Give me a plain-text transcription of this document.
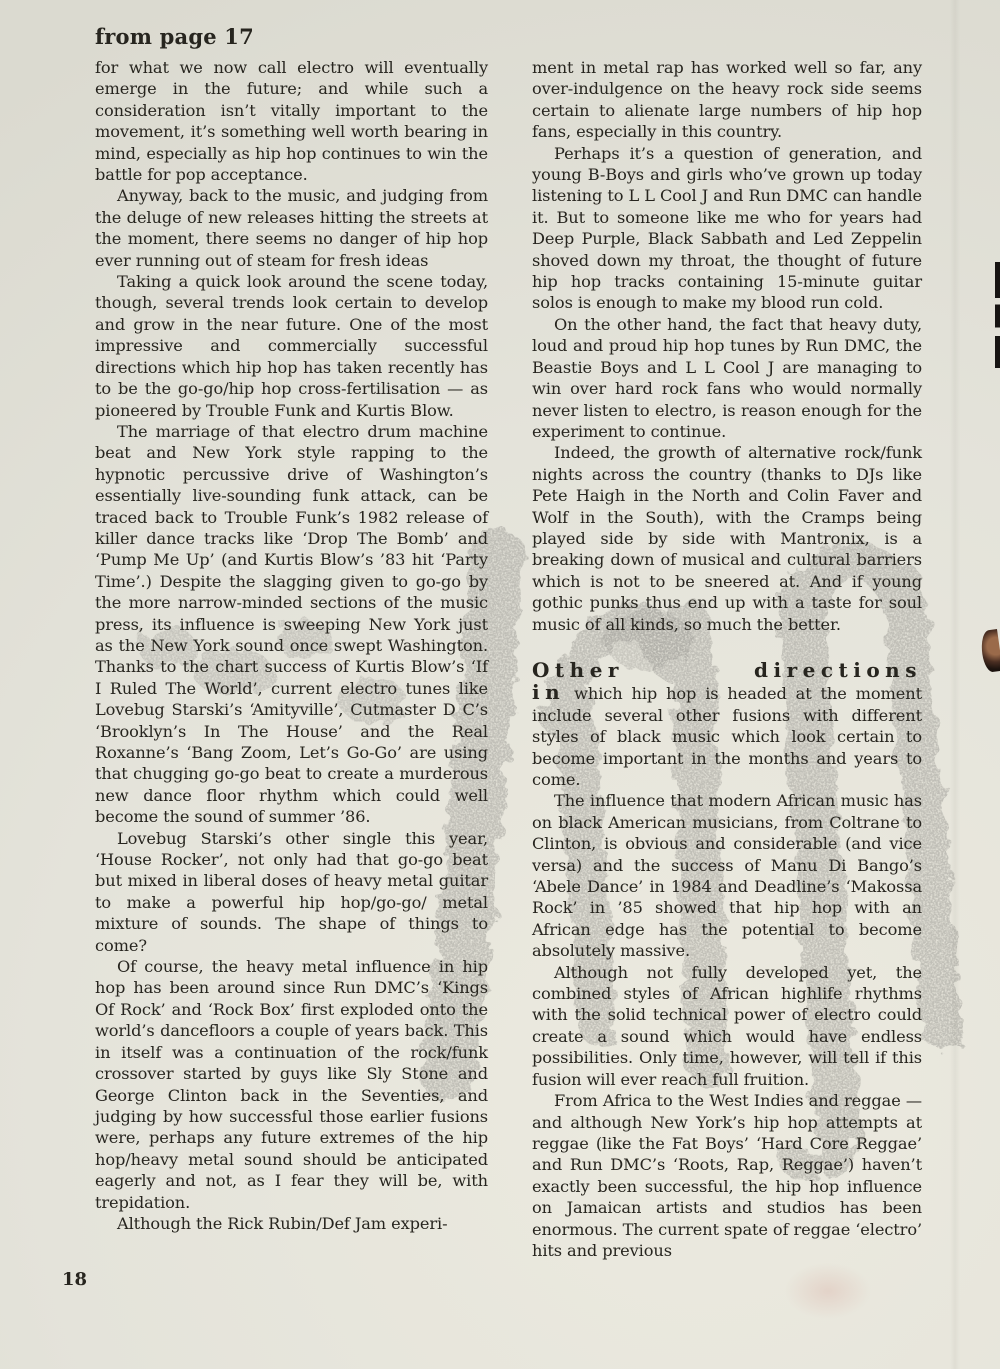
from page 17

for what we now call electro will eventually emerge in the future; and while such a consideration isn’t vitally important to the movement, it’s something well worth bearing in mind, especially as hip hop continues to win the battle for pop acceptance.

Anyway, back to the music, and judging from the deluge of new releases hitting the streets at the moment, there seems no danger of hip hop ever running out of steam for fresh ideas

Taking a quick look around the scene today, though, several trends look certain to develop and grow in the near future. One of the most impressive and commercially successful directions which hip hop has taken recently has to be the go-go/hip hop cross-fertilisation — as pioneered by Trouble Funk and Kurtis Blow.

The marriage of that electro drum machine beat and New York style rapping to the hypnotic percussive drive of Washington’s essentially live-sounding funk attack, can be traced back to Trouble Funk’s 1982 release of killer dance tracks like ‘Drop The Bomb’ and ‘Pump Me Up’ (and Kurtis Blow’s ’83 hit ‘Party Time’.) Despite the slagging given to go-go by the more narrow-minded sections of the music press, its influence is sweeping New York just as the New York sound once swept Washington. Thanks to the chart success of Kurtis Blow’s ‘If I Ruled The World’, current electro tunes like Lovebug Starski’s ‘Amityville’, Cutmaster D C’s ‘Brooklyn’s In The House’ and the Real Roxanne’s ‘Bang Zoom, Let’s Go-Go’ are using that chugging go-go beat to create a murderous new dance floor rhythm which could well become the sound of summer ’86.

Lovebug Starski’s other single this year, ‘House Rocker’, not only had that go-go beat but mixed in liberal doses of heavy metal guitar to make a powerful hip hop/go-go/ metal mixture of sounds. The shape of things to come?

Of course, the heavy metal influence in hip hop has been around since Run DMC’s ‘Kings Of Rock’ and ‘Rock Box’ first exploded onto the world’s dancefloors a couple of years back. This in itself was a continuation of the rock/funk crossover started by guys like Sly Stone and George Clinton back in the Seventies, and judging by how successful those earlier fusions were, perhaps any future extremes of the hip hop/heavy metal sound should be anticipated eagerly and not, as I fear they will be, with trepidation.

Although the Rick Rubin/Def Jam experi-

ment in metal rap has worked well so far, any over-indulgence on the heavy rock side seems certain to alienate large numbers of hip hop fans, especially in this country.

Perhaps it’s a question of generation, and young B-Boys and girls who’ve grown up today listening to L L Cool J and Run DMC can handle it. But to someone like me who for years had Deep Purple, Black Sabbath and Led Zeppelin shoved down my throat, the thought of future hip hop tracks containing 15-minute guitar solos is enough to make my blood run cold.

On the other hand, the fact that heavy duty, loud and proud hip hop tunes by Run DMC, the Beastie Boys and L L Cool J are managing to win over hard rock fans who would normally never listen to electro, is reason enough for the experiment to continue.

Indeed, the growth of alternative rock/funk nights across the country (thanks to DJs like Pete Haigh in the North and Colin Faver and Wolf in the South), with the Cramps being played side by side with Mantronix, is a breaking down of musical and cultural barriers which is not to be sneered at. And if young gothic punks thus end up with a taste for soul music of all kinds, so much the better.

Other directions in which hip hop is headed at the moment include several other fusions with different styles of black music which look certain to become important in the months and years to come.

The influence that modern African music has on black American musicians, from Coltrane to Clinton, is obvious and considerable (and vice versa) and the success of Manu Di Bango’s ‘Abele Dance’ in 1984 and Deadline’s ‘Makossa Rock’ in ’85 showed that hip hop with an African edge has the potential to become absolutely massive.

Although not fully developed yet, the combined styles of African highlife rhythms with the solid technical power of electro could create a sound which would have endless possibilities. Only time, however, will tell if this fusion will ever reach full fruition.

From Africa to the West Indies and reggae — and although New York’s hip hop attempts at reggae (like the Fat Boys’ ‘Hard Core Reggae’ and Run DMC’s ‘Roots, Rap, Reggae’) haven’t exactly been successful, the hip hop influence on Jamaican artists and studios has been enormous. The current spate of reggae ‘electro’ hits and previous

18
